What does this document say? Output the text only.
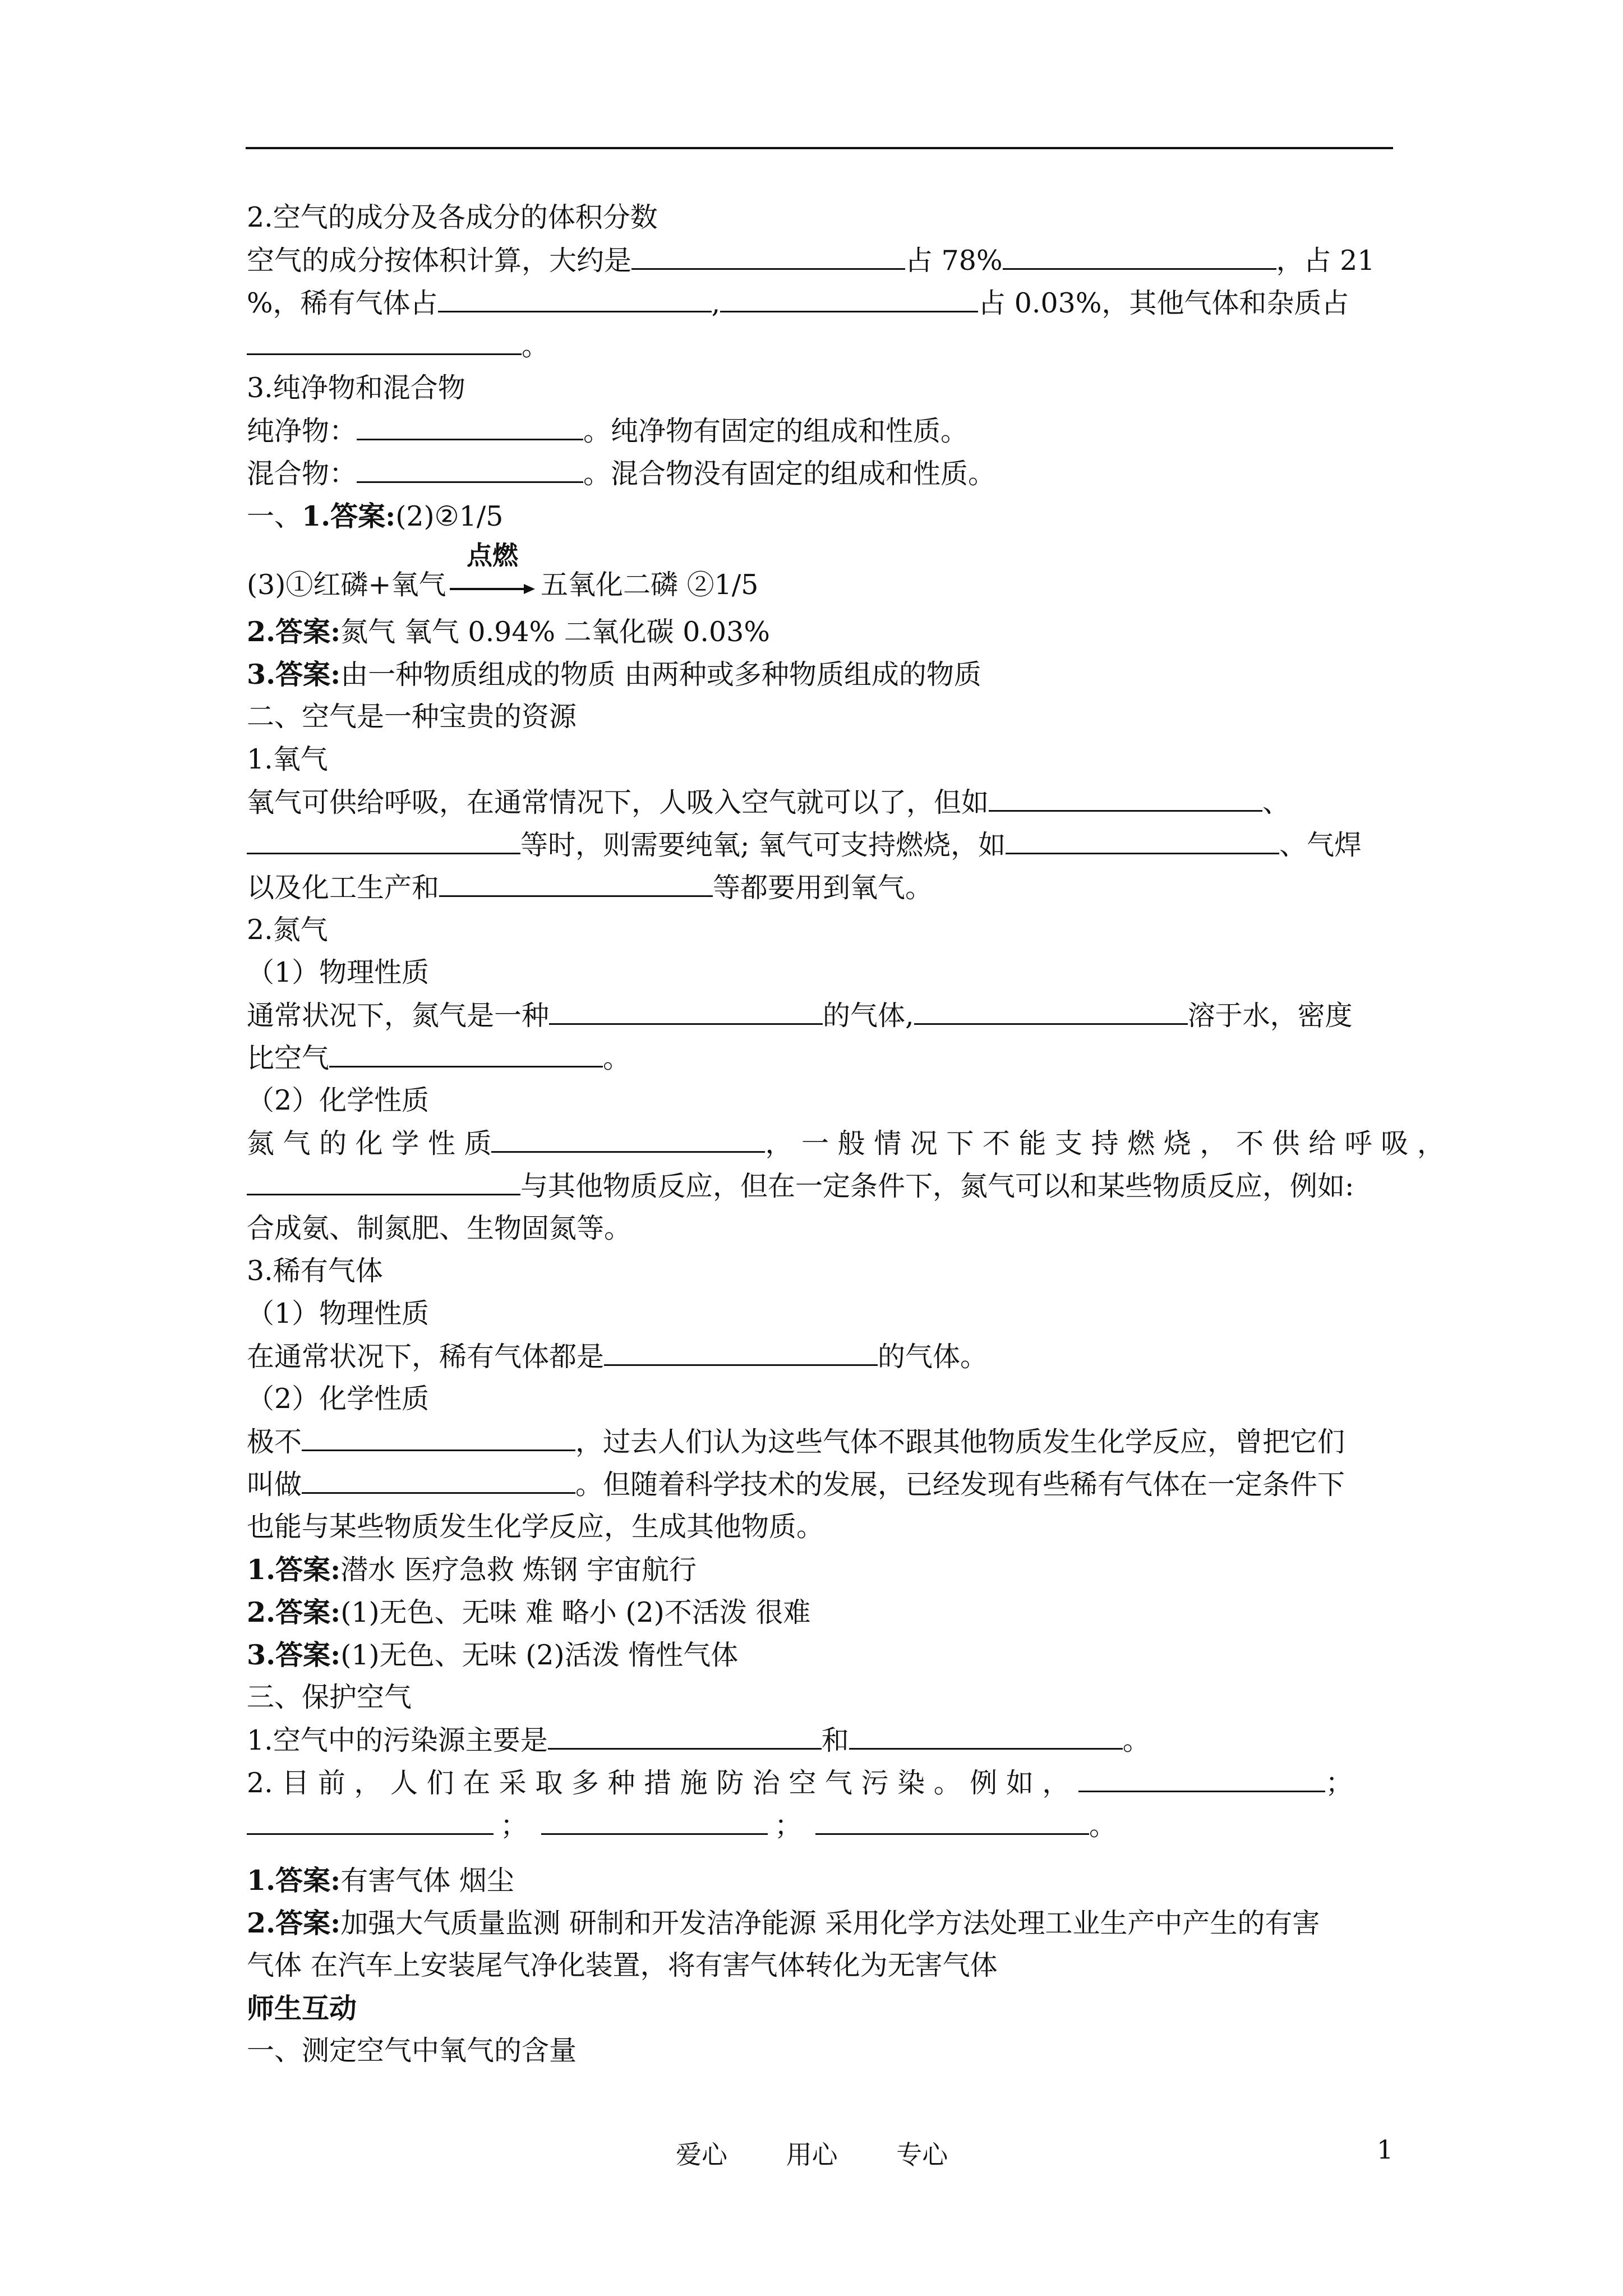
2.空气的成分及各成分的体积分数
空气的成分按体积计算，大约是	占 78%	，占 21
%，稀有气体占	,	占 0.03%，其他气体和杂质占
。
3.纯净物和混合物
纯净物：	。纯净物有固定的组成和性质。
混合物：	。混合物没有固定的组成和性质。
一、1.答案:(2)②1/5
(3)①红磷+氧气
点燃
五氧化二磷 ②1/5
2.答案:氮气 氧气 0.94% 二氧化碳 0.03%
3.答案:由一种物质组成的物质 由两种或多种物质组成的物质
二、空气是一种宝贵的资源
1.氧气
氧气可供给呼吸，在通常情况下，人吸入空气就可以了，但如	、
等时，则需要纯氧; 氧气可支持燃烧，如	、气焊
以及化工生产和	等都要用到氧气。
2.氮气
（1）物理性质
通常状况下，氮气是一种	的气体,	溶于水，密度
比空气	。
（2）化学性质
氮 气 的 化 学 性 质	， 一 般 情 况 下 不 能 支 持 燃 烧 ， 不 供 给 呼 吸 ，
与其他物质反应，但在一定条件下，氮气可以和某些物质反应，例如:
合成氨、制氮肥、生物固氮等。
3.稀有气体
（1）物理性质
在通常状况下，稀有气体都是	的气体。
（2）化学性质
极不	，过去人们认为这些气体不跟其他物质发生化学反应，曾把它们
叫做	。但随着科学技术的发展，已经发现有些稀有气体在一定条件下
也能与某些物质发生化学反应，生成其他物质。
1.答案:潜水 医疗急救 炼钢 宇宙航行
2.答案:(1)无色、无味 难 略小 (2)不活泼 很难
3.答案:(1)无色、无味 (2)活泼 惰性气体
三、保护空气
1.空气中的污染源主要是	和	。
2. 目 前 ， 人 们 在 采 取 多 种 措 施 防 治 空 气 污 染 。 例 如 ，	；
；	；	。
1.答案:有害气体 烟尘
2.答案:加强大气质量监测 研制和开发洁净能源 采用化学方法处理工业生产中产生的有害
气体 在汽车上安装尾气净化装置，将有害气体转化为无害气体
师生互动
一、测定空气中氧气的含量
爱心 用心 专心	1
